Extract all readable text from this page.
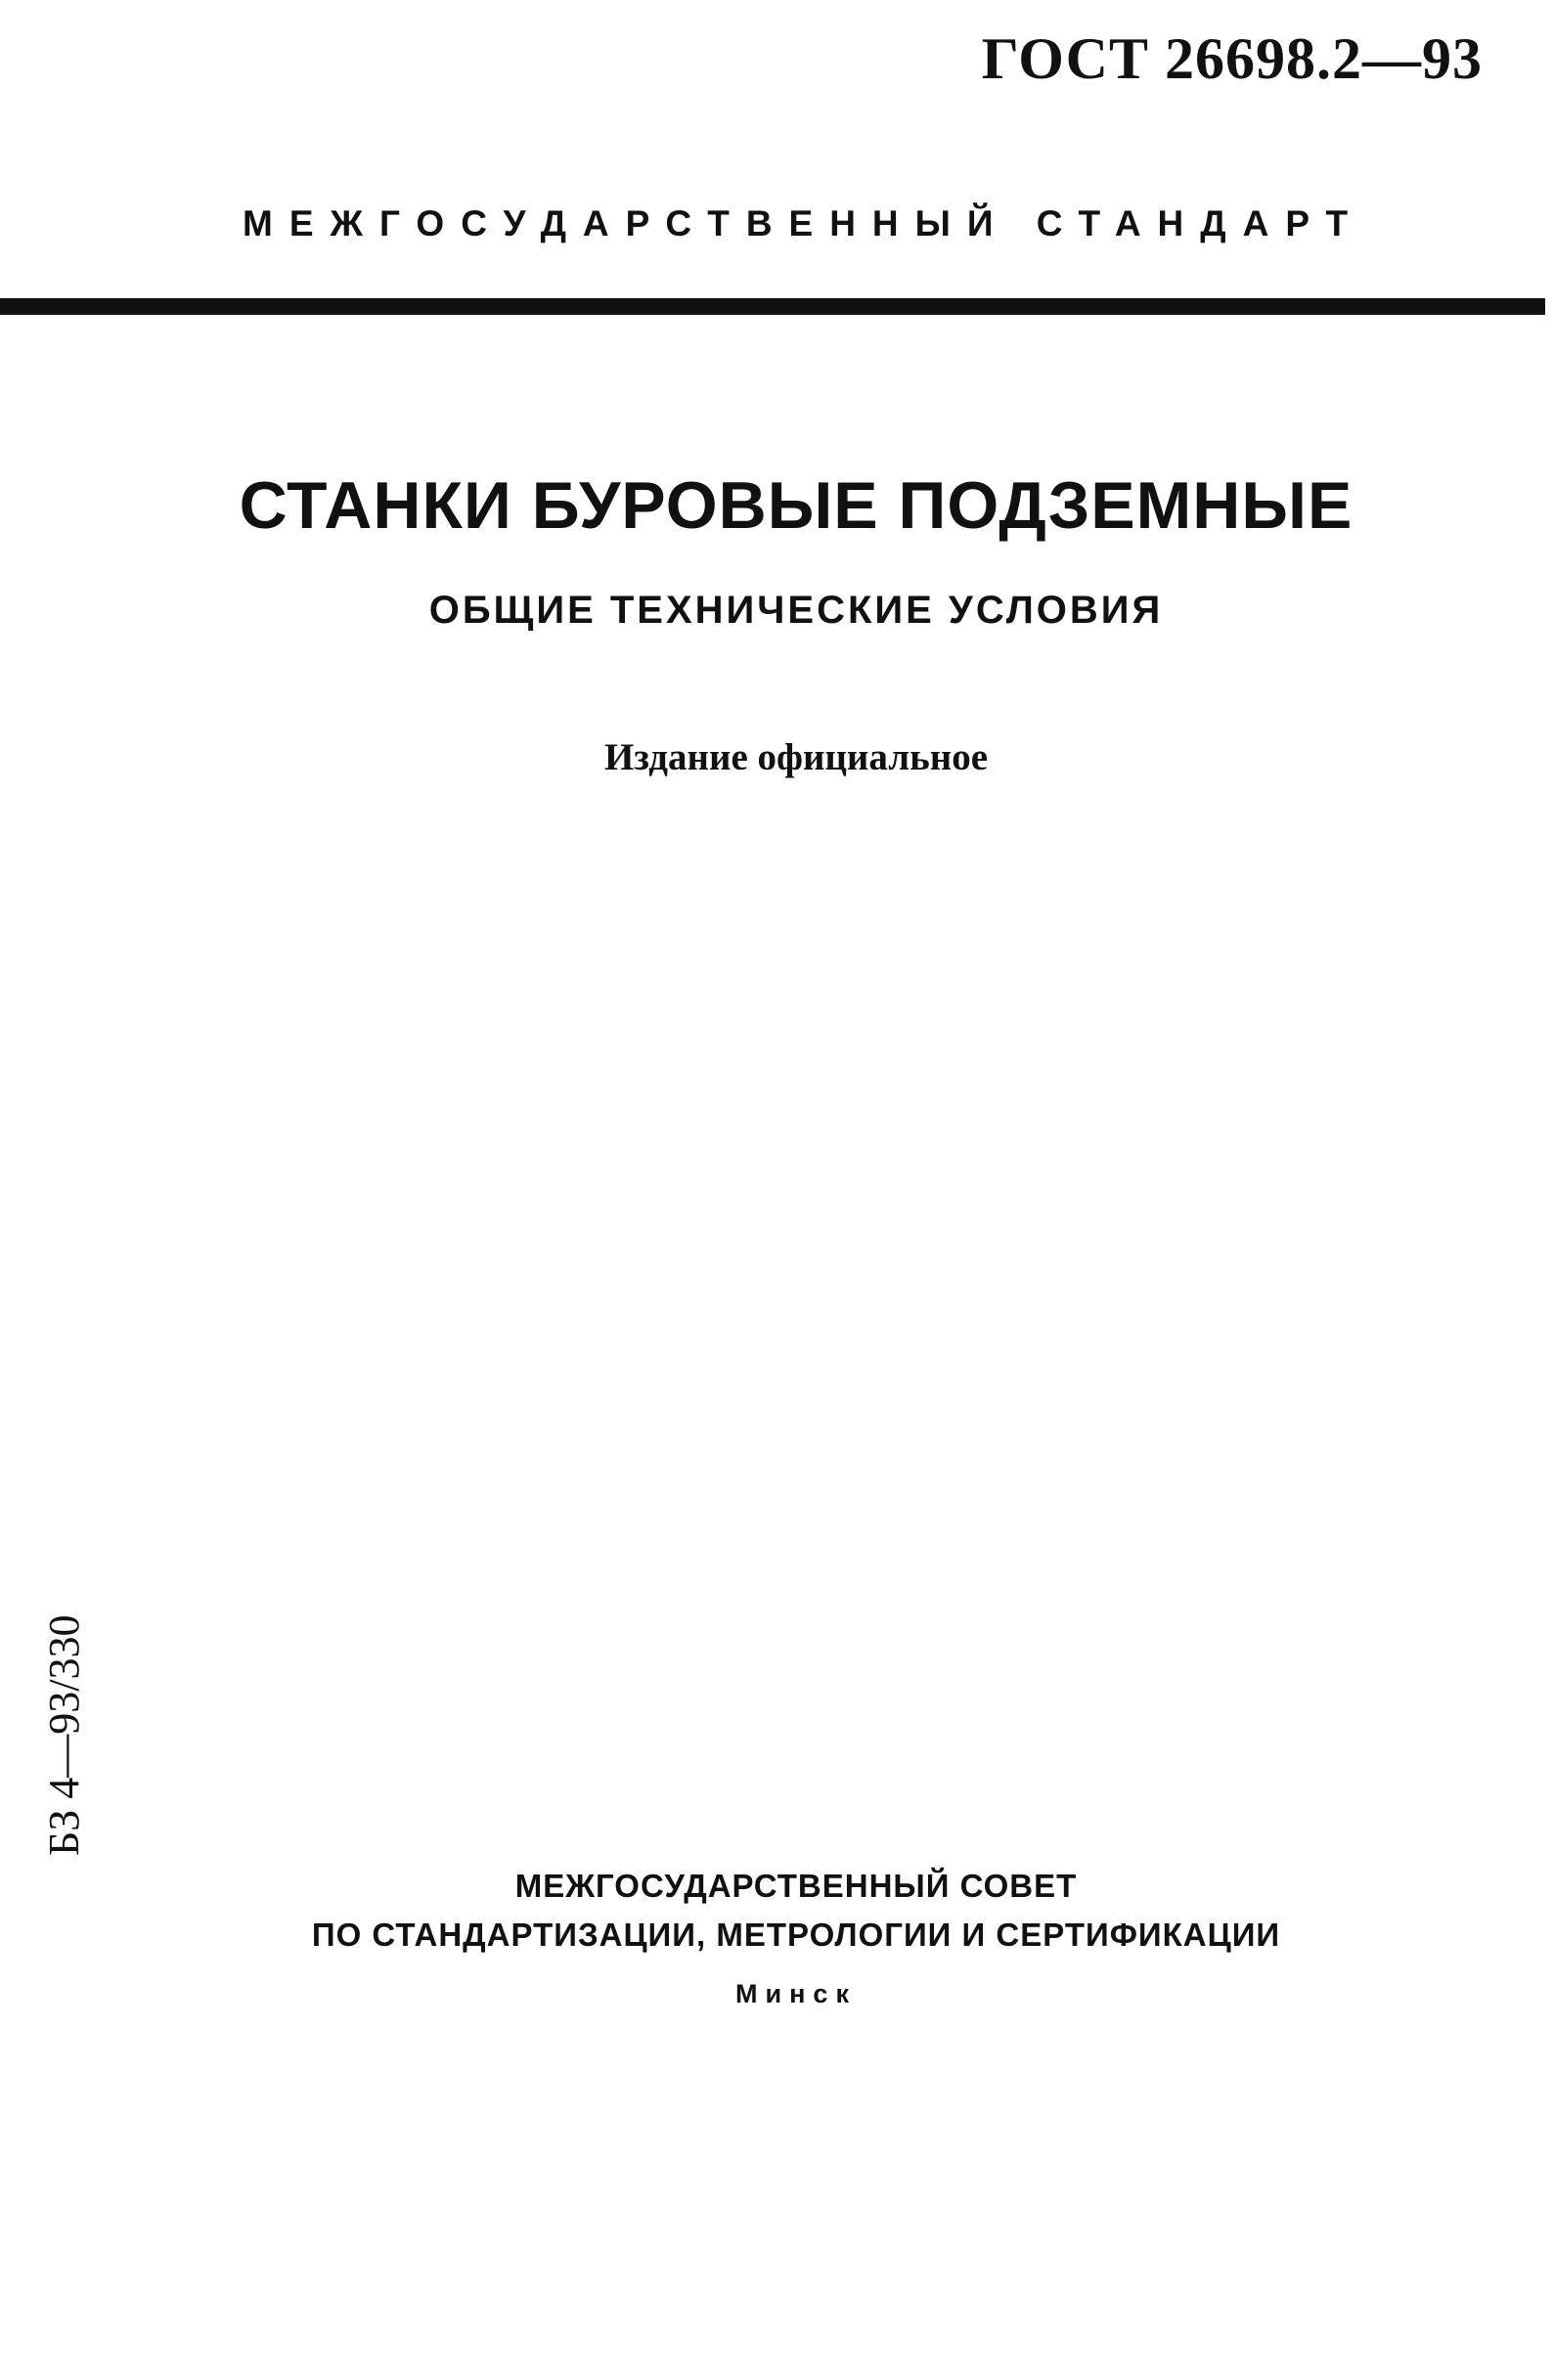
ГОСТ 26698.2—93
МЕЖГОСУДАРСТВЕННЫЙ СТАНДАРТ
СТАНКИ БУРОВЫЕ ПОДЗЕМНЫЕ
ОБЩИЕ ТЕХНИЧЕСКИЕ УСЛОВИЯ
Издание официальное
БЗ 4—93/330
МЕЖГОСУДАРСТВЕННЫЙ СОВЕТ
ПО СТАНДАРТИЗАЦИИ, МЕТРОЛОГИИ И СЕРТИФИКАЦИИ
Минск
